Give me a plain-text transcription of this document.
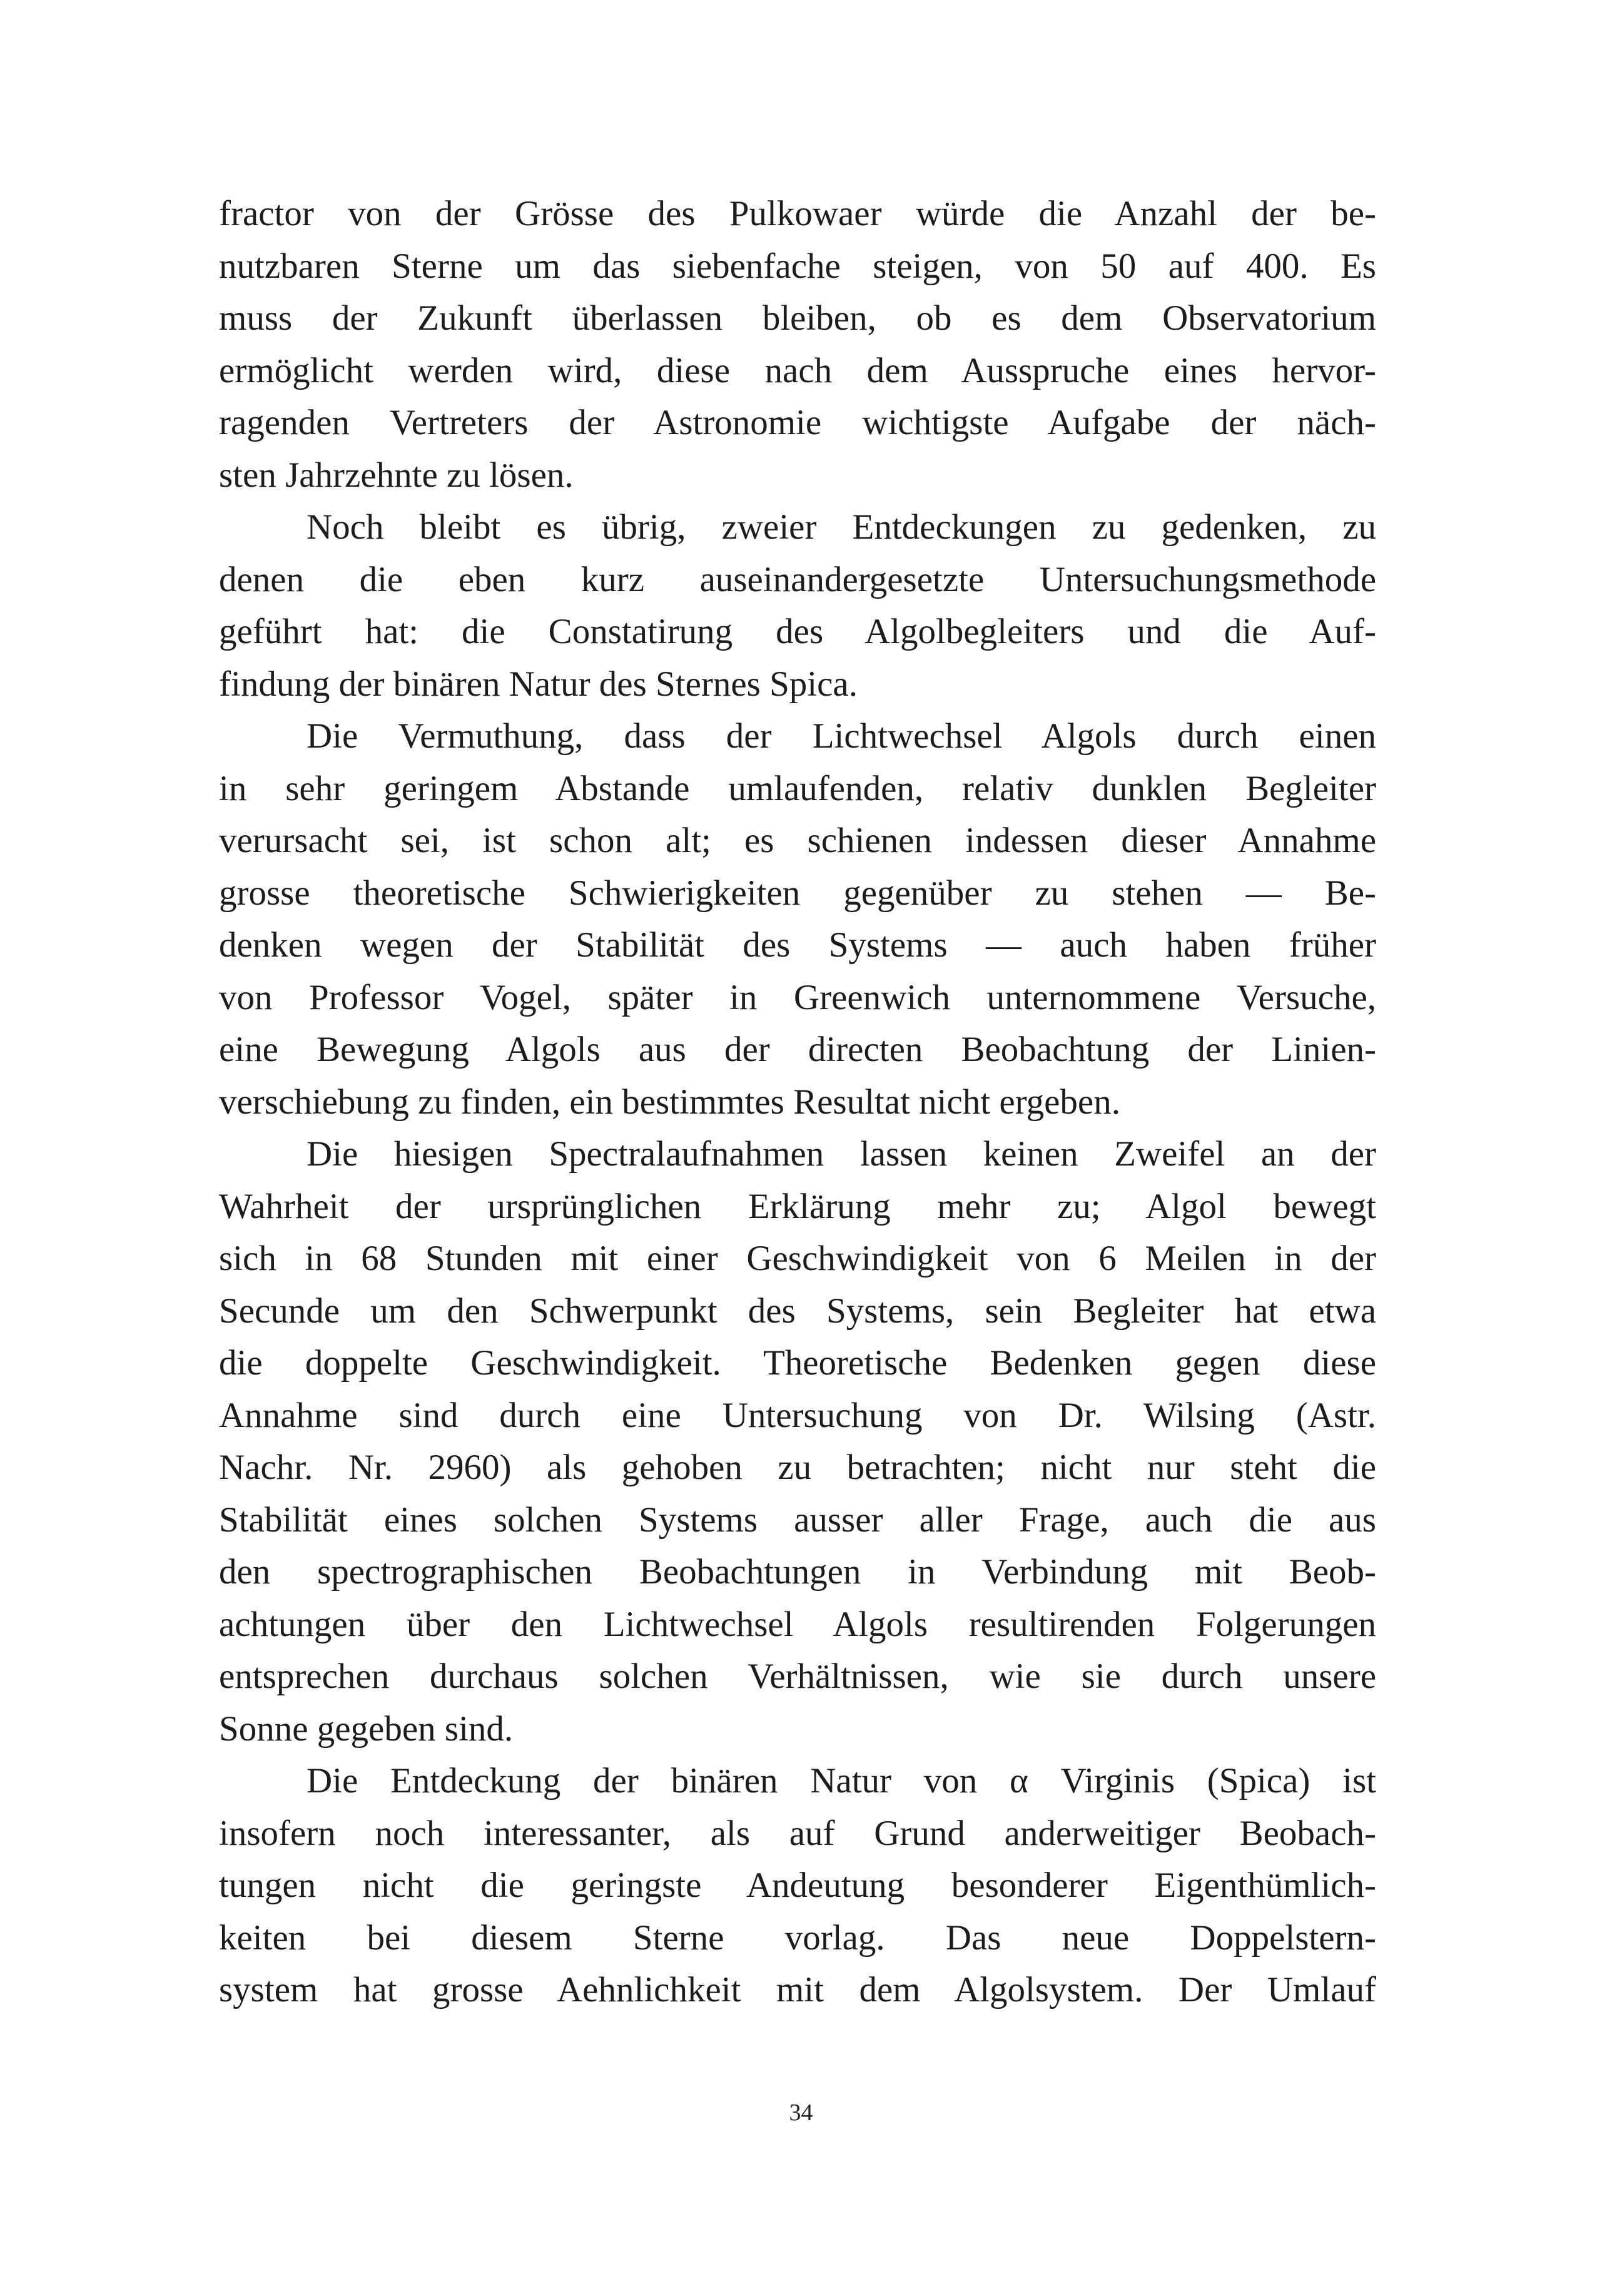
fractor von der Grösse des Pulkowaer würde die Anzahl der be-
nutzbaren Sterne um das siebenfache steigen, von 50 auf 400. Es
muss der Zukunft überlassen bleiben, ob es dem Observatorium
ermöglicht werden wird, diese nach dem Ausspruche eines hervor-
ragenden Vertreters der Astronomie wichtigste Aufgabe der näch-
sten Jahrzehnte zu lösen.
Noch bleibt es übrig, zweier Entdeckungen zu gedenken, zu
denen die eben kurz auseinandergesetzte Untersuchungsmethode
geführt hat: die Constatirung des Algolbegleiters und die Auf-
findung der binären Natur des Sternes Spica.
Die Vermuthung, dass der Lichtwechsel Algols durch einen
in sehr geringem Abstande umlaufenden, relativ dunklen Begleiter
verursacht sei, ist schon alt; es schienen indessen dieser Annahme
grosse theoretische Schwierigkeiten gegenüber zu stehen — Be-
denken wegen der Stabilität des Systems — auch haben früher
von Professor Vogel, später in Greenwich unternommene Versuche,
eine Bewegung Algols aus der directen Beobachtung der Linien-
verschiebung zu finden, ein bestimmtes Resultat nicht ergeben.
Die hiesigen Spectralaufnahmen lassen keinen Zweifel an der
Wahrheit der ursprünglichen Erklärung mehr zu; Algol bewegt
sich in 68 Stunden mit einer Geschwindigkeit von 6 Meilen in der
Secunde um den Schwerpunkt des Systems, sein Begleiter hat etwa
die doppelte Geschwindigkeit. Theoretische Bedenken gegen diese
Annahme sind durch eine Untersuchung von Dr. Wilsing (Astr.
Nachr. Nr. 2960) als gehoben zu betrachten; nicht nur steht die
Stabilität eines solchen Systems ausser aller Frage, auch die aus
den spectrographischen Beobachtungen in Verbindung mit Beob-
achtungen über den Lichtwechsel Algols resultirenden Folgerungen
entsprechen durchaus solchen Verhältnissen, wie sie durch unsere
Sonne gegeben sind.
Die Entdeckung der binären Natur von α Virginis (Spica) ist
insofern noch interessanter, als auf Grund anderweitiger Beobach-
tungen nicht die geringste Andeutung besonderer Eigenthümlich-
keiten bei diesem Sterne vorlag. Das neue Doppelstern-
system hat grosse Aehnlichkeit mit dem Algolsystem. Der Umlauf
34
